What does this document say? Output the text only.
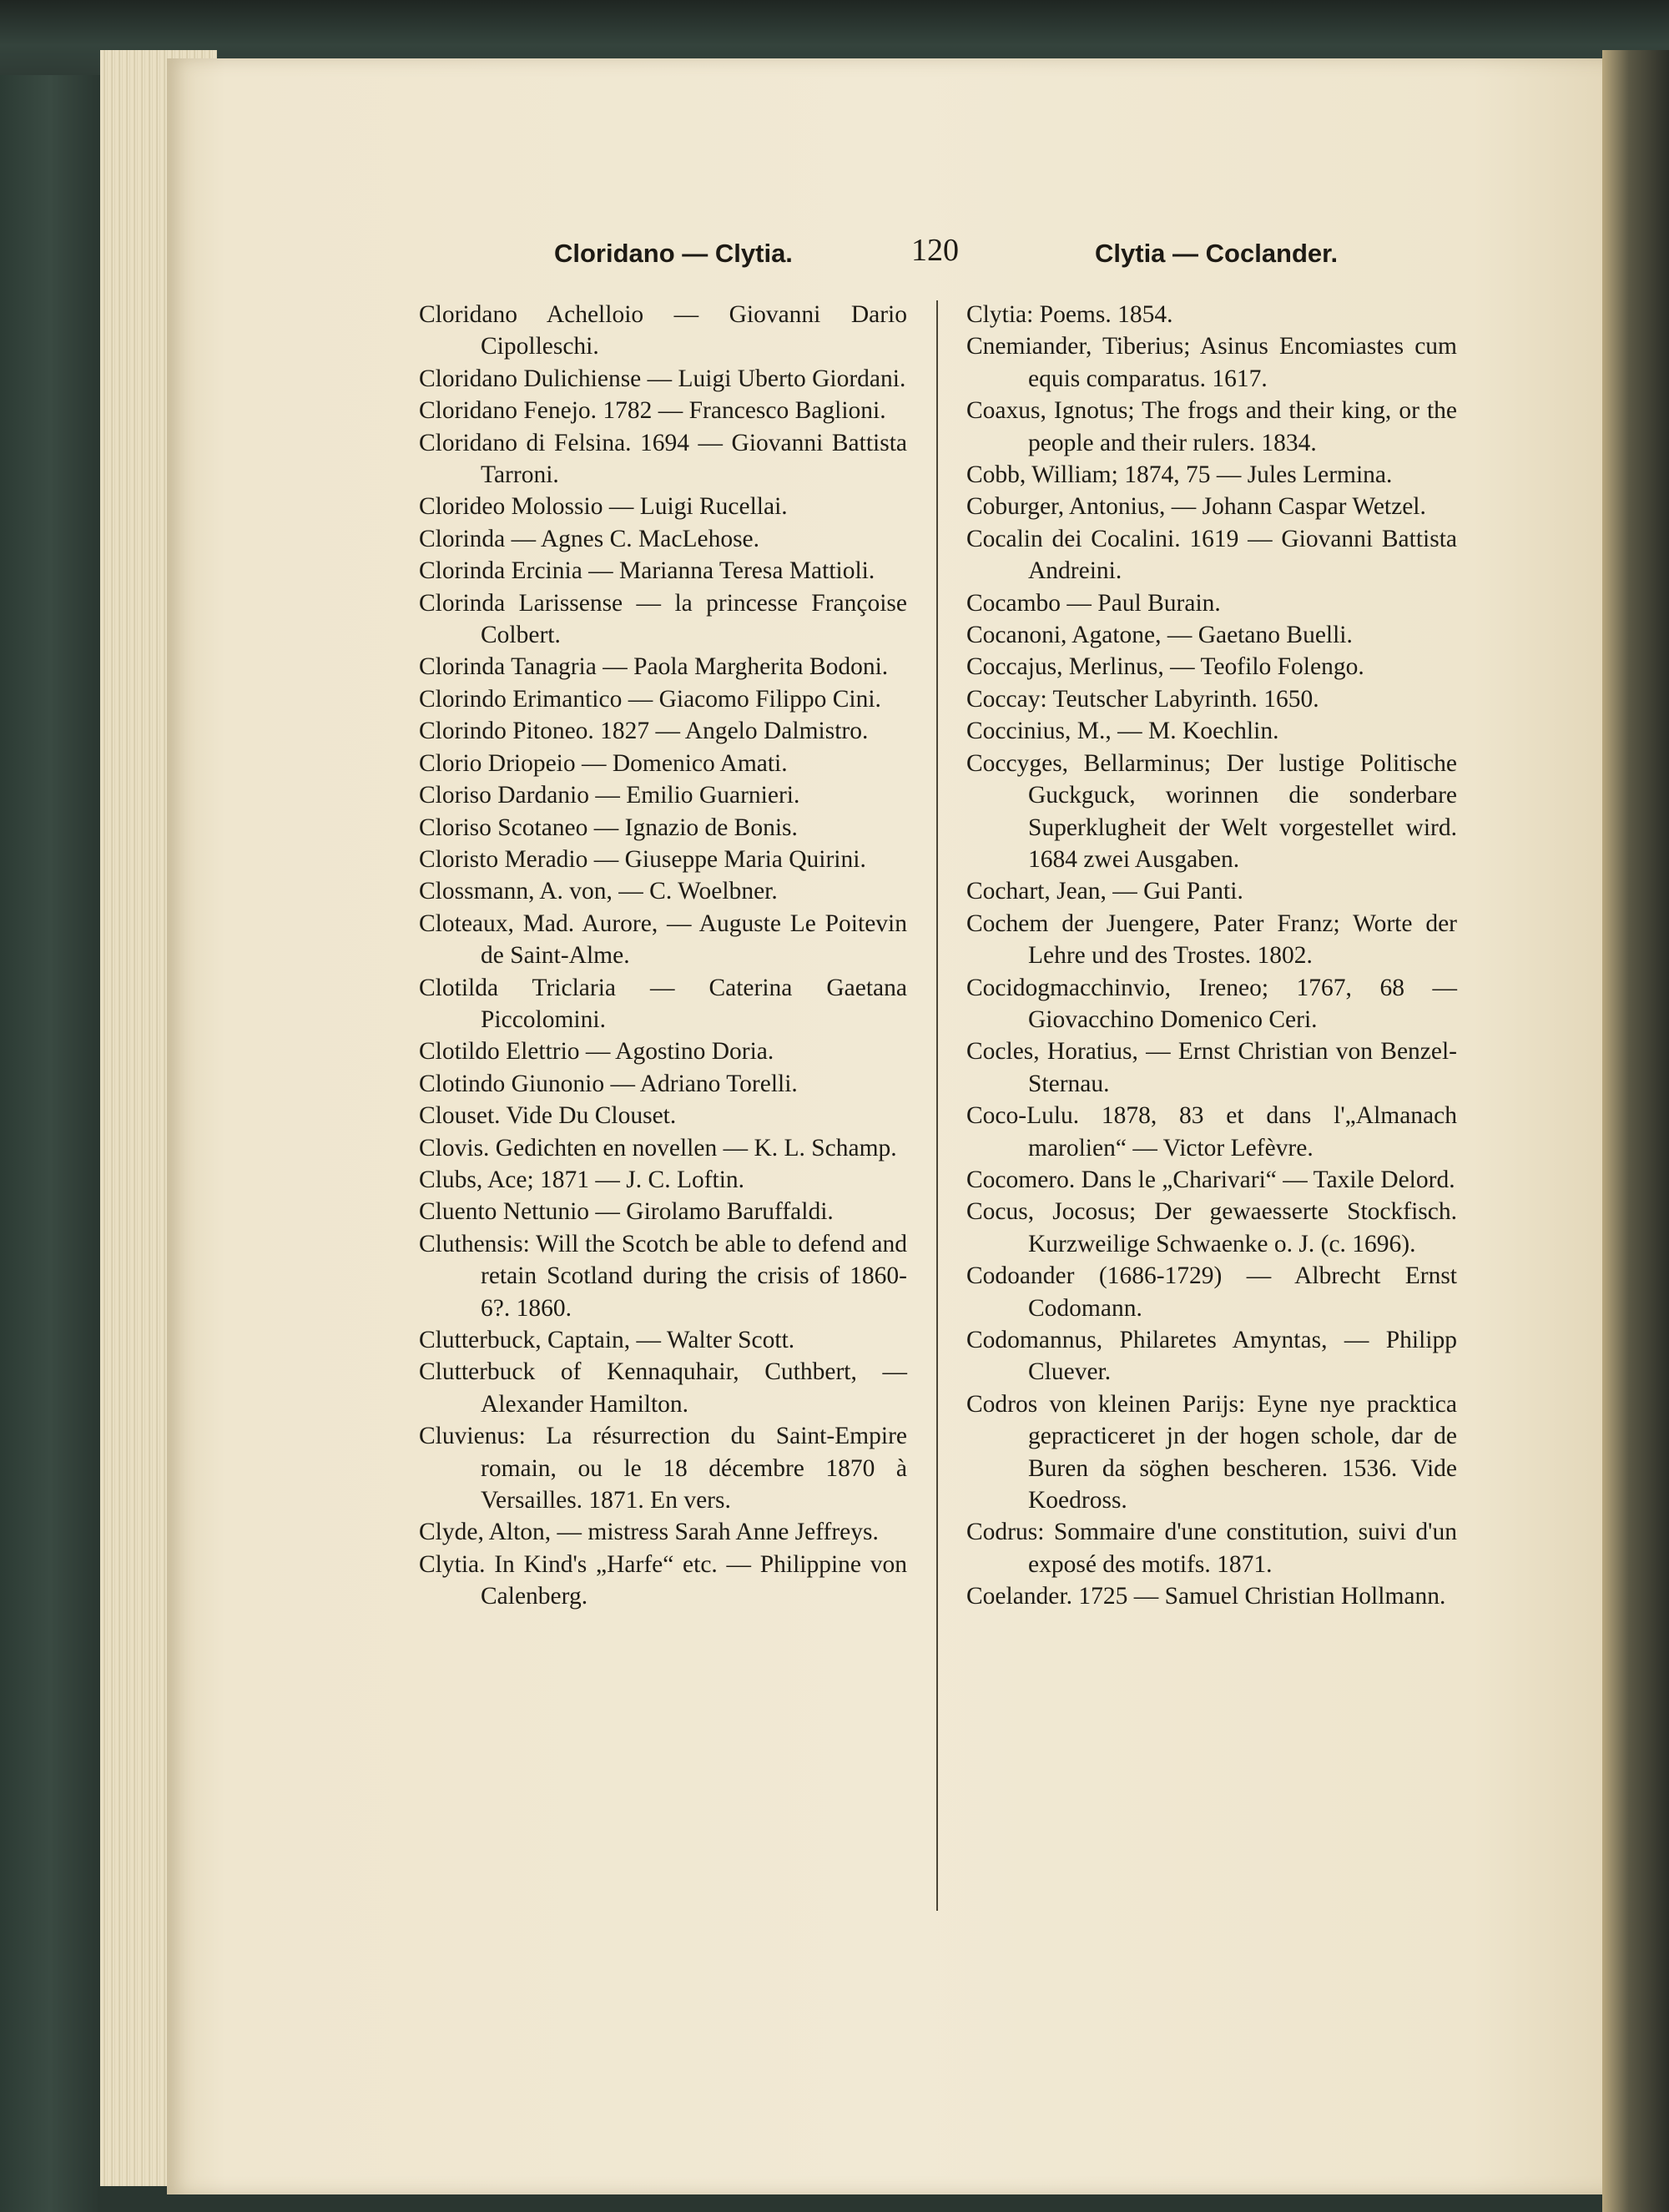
Cloridano — Clytia.	120	Clytia — Coclander.
Cloridano Achelloio — Giovanni Dario Cipolleschi.
Cloridano Dulichiense — Luigi Uberto Giordani.
Cloridano Fenejo. 1782 — Francesco Baglioni.
Cloridano di Felsina. 1694 — Giovanni Battista Tarroni.
Clorideo Molossio — Luigi Rucellai.
Clorinda — Agnes C. MacLehose.
Clorinda Ercinia — Marianna Teresa Mattioli.
Clorinda Larissense — la princesse Françoise Colbert.
Clorinda Tanagria — Paola Margherita Bodoni.
Clorindo Erimantico — Giacomo Filippo Cini.
Clorindo Pitoneo. 1827 — Angelo Dalmistro.
Clorio Driopeio — Domenico Amati.
Cloriso Dardanio — Emilio Guarnieri.
Cloriso Scotaneo — Ignazio de Bonis.
Cloristo Meradio — Giuseppe Maria Quirini.
Clossmann, A. von, — C. Woelbner.
Cloteaux, Mad. Aurore, — Auguste Le Poitevin de Saint-Alme.
Clotilda Triclaria — Caterina Gaetana Piccolomini.
Clotildo Elettrio — Agostino Doria.
Clotindo Giunonio — Adriano Torelli.
Clouset. Vide Du Clouset.
Clovis. Gedichten en novellen — K. L. Schamp.
Clubs, Ace; 1871 — J. C. Loftin.
Cluento Nettunio — Girolamo Baruffaldi.
Cluthensis: Will the Scotch be able to defend and retain Scotland during the crisis of 1860-6?. 1860.
Clutterbuck, Captain, — Walter Scott.
Clutterbuck of Kennaquhair, Cuthbert, — Alexander Hamilton.
Cluvienus: La résurrection du Saint-Empire romain, ou le 18 décembre 1870 à Versailles. 1871. En vers.
Clyde, Alton, — mistress Sarah Anne Jeffreys.
Clytia. In Kind's „Harfe“ etc. — Philippine von Calenberg.
Clytia: Poems. 1854.
Cnemiander, Tiberius; Asinus Encomiastes cum equis comparatus. 1617.
Coaxus, Ignotus; The frogs and their king, or the people and their rulers. 1834.
Cobb, William; 1874, 75 — Jules Lermina.
Coburger, Antonius, — Johann Caspar Wetzel.
Cocalin dei Cocalini. 1619 — Giovanni Battista Andreini.
Cocambo — Paul Burain.
Cocanoni, Agatone, — Gaetano Buelli.
Coccajus, Merlinus, — Teofilo Folengo.
Coccay: Teutscher Labyrinth. 1650.
Coccinius, M., — M. Koechlin.
Coccyges, Bellarminus; Der lustige Politische Guckguck, worinnen die sonderbare Superklugheit der Welt vorgestellet wird. 1684 zwei Ausgaben.
Cochart, Jean, — Gui Panti.
Cochem der Juengere, Pater Franz; Worte der Lehre und des Trostes. 1802.
Cocidogmacchinvio, Ireneo; 1767, 68 — Giovacchino Domenico Ceri.
Cocles, Horatius, — Ernst Christian von Benzel-Sternau.
Coco-Lulu. 1878, 83 et dans l'„Almanach marolien“ — Victor Lefèvre.
Cocomero. Dans le „Charivari“ — Taxile Delord.
Cocus, Jocosus; Der gewaesserte Stockfisch. Kurzweilige Schwaenke o. J. (c. 1696).
Codoander (1686-1729) — Albrecht Ernst Codomann.
Codomannus, Philaretes Amyntas, — Philipp Cluever.
Codros von kleinen Parijs: Eyne nye pracktica gepracticeret jn der hogen schole, dar de Buren da söghen bescheren. 1536. Vide Koedross.
Codrus: Sommaire d'une constitution, suivi d'un exposé des motifs. 1871.
Coelander. 1725 — Samuel Christian Hollmann.
